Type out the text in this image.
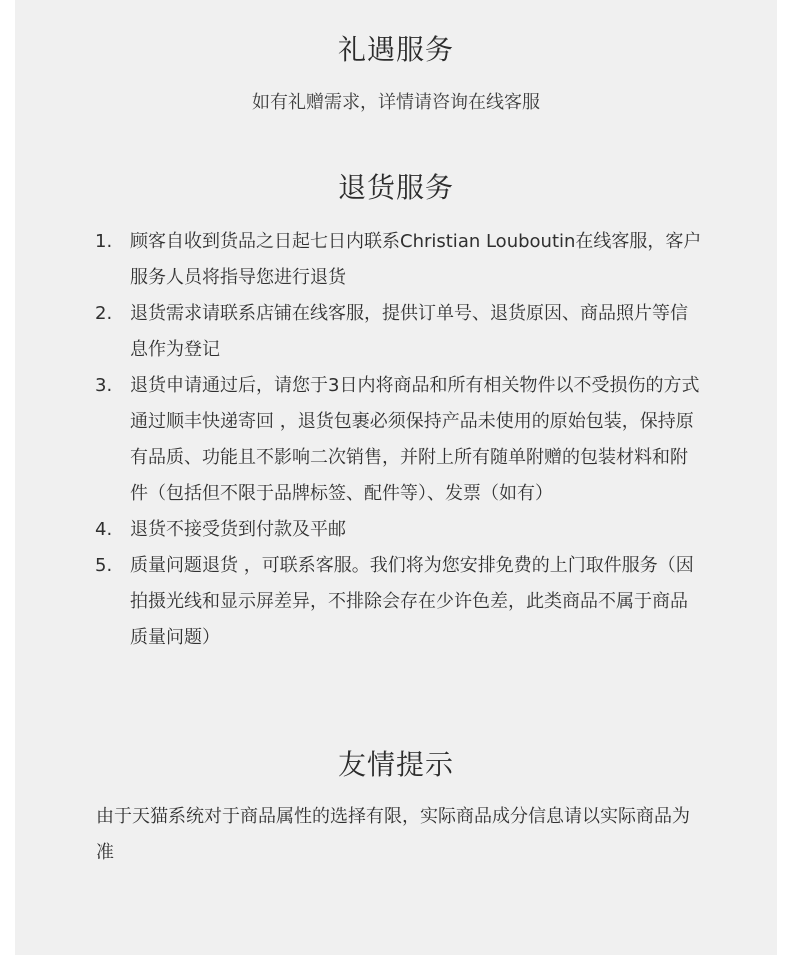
礼遇服务
如有礼赠需求，详情请咨询在线客服
退货服务
1. 顾客自收到货品之日起七日内联系Christian Louboutin在线客服，客户服务人员将指导您进行退货
2. 退货需求请联系店铺在线客服，提供订单号、退货原因、商品照片等信息作为登记
3. 退货申请通过后，请您于3日内将商品和所有相关物件以不受损伤的方式通过顺丰快递寄回 ，退货包裹必须保持产品未使用的原始包装，保持原有品质、功能且不影响二次销售，并附上所有随单附赠的包装材料和附件（包括但不限于品牌标签、配件等）、发票（如有）
4. 退货不接受货到付款及平邮
5. 质量问题退货 ，可联系客服。我们将为您安排免费的上门取件服务（因拍摄光线和显示屏差异，不排除会存在少许色差，此类商品不属于商品质量问题）
友情提示
由于天猫系统对于商品属性的选择有限，实际商品成分信息请以实际商品为准
